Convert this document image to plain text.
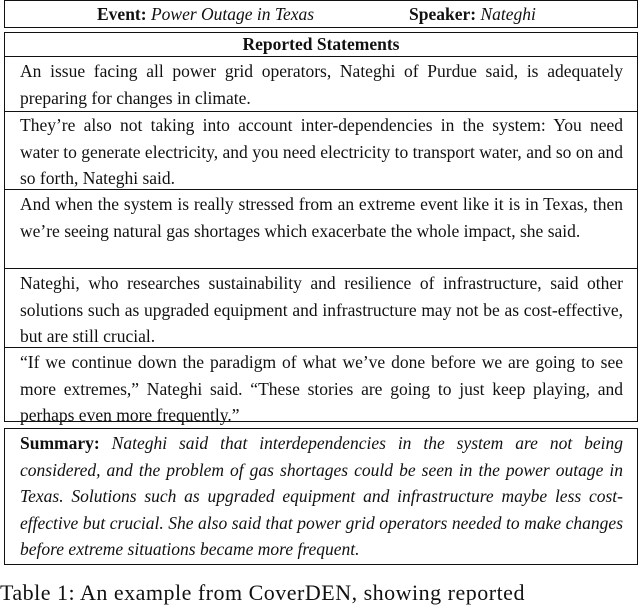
Event: Power Outage in Texas	Speaker: Nateghi
Reported Statements
An issue facing all power grid operators, Nateghi of Purdue said, is adequately preparing for changes in climate.
They’re also not taking into account inter-dependencies in the system: You need water to generate electricity, and you need electricity to transport water, and so on and so forth, Nateghi said.
And when the system is really stressed from an extreme event like it is in Texas, then we’re seeing natural gas shortages which exacerbate the whole impact, she said.
Nateghi, who researches sustainability and resilience of infrastructure, said other solutions such as upgraded equipment and infrastructure may not be as cost-effective, but are still crucial.
“If we continue down the paradigm of what we’ve done before we are going to see more extremes,” Nateghi said. “These stories are going to just keep playing, and perhaps even more frequently.”
Summary: Nateghi said that interdependencies in the system are not being considered, and the problem of gas shortages could be seen in the power outage in Texas. Solutions such as upgraded equipment and infrastructure maybe less cost-effective but crucial. She also said that power grid operators needed to make changes before extreme situations became more frequent.
Table 1: An example from CoverDEN, showing reported
